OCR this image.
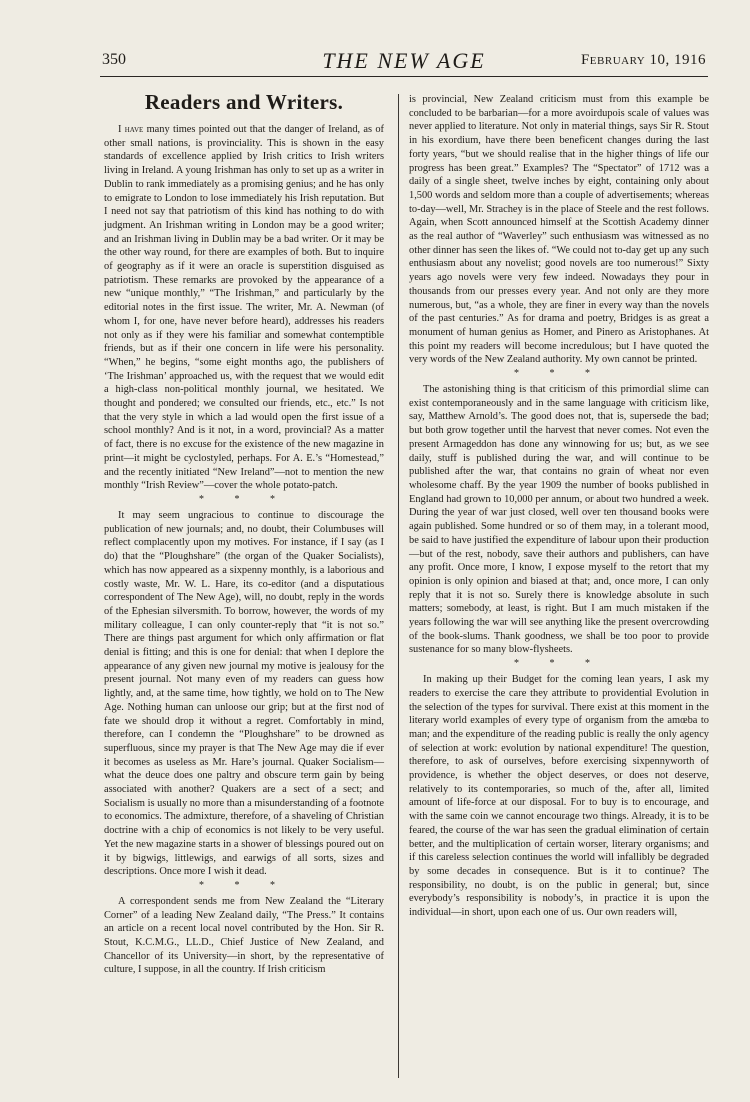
350	THE NEW AGE	February 10, 1916
Readers and Writers.

I have many times pointed out that the danger of Ireland, as of other small nations, is provinciality. This is shown in the easy standards of excellence applied by Irish critics to Irish writers living in Ireland. A young Irishman has only to set up as a writer in Dublin to rank immediately as a promising genius; and he has only to emigrate to London to lose immediately his Irish reputation. But I need not say that patriotism of this kind has nothing to do with judgment. An Irishman writing in London may be a good writer; and an Irishman living in Dublin may be a bad writer. Or it may be the other way round, for there are examples of both. But to inquire of geography as if it were an oracle is superstition disguised as patriotism. These remarks are provoked by the appearance of a new “unique monthly,” “The Irishman,” and particularly by the editorial notes in the first issue. The writer, Mr. A. Newman (of whom I, for one, have never before heard), addresses his readers not only as if they were his familiar and somewhat contemptible friends, but as if their one concern in life were his personality. “When,” he begins, “some eight months ago, the publishers of ‘The Irishman’ approached us, with the request that we would edit a high-class non-political monthly journal, we hesitated. We thought and pondered; we consulted our friends, etc., etc.” Is not that the very style in which a lad would open the first issue of a school monthly? And is it not, in a word, provincial? As a matter of fact, there is no excuse for the existence of the new magazine in print—it might be cyclostyled, perhaps. For A. E.’s “Homestead,” and the recently initiated “New Ireland”—not to mention the new monthly “Irish Review”—cover the whole potato-patch.

* * *

It may seem ungracious to continue to discourage the publication of new journals; and, no doubt, their Columbuses will reflect complacently upon my motives. For instance, if I say (as I do) that the “Ploughshare” (the organ of the Quaker Socialists), which has now appeared as a sixpenny monthly, is a laborious and costly waste, Mr. W. L. Hare, its co-editor (and a disputatious correspondent of The New Age), will, no doubt, reply in the words of the Ephesian silversmith. To borrow, however, the words of my military colleague, I can only counter-reply that “it is not so.” There are things past argument for which only affirmation or flat denial is fitting; and this is one for denial: that when I deplore the appearance of any given new journal my motive is jealousy for the present journal. Not many even of my readers can guess how lightly, and, at the same time, how tightly, we hold on to The New Age. Nothing human can unloose our grip; but at the first nod of fate we should drop it without a regret. Comfortably in mind, therefore, can I condemn the “Ploughshare” to be drowned as superfluous, since my prayer is that The New Age may die if ever it becomes as useless as Mr. Hare’s journal. Quaker Socialism—what the deuce does one paltry and obscure term gain by being associated with another? Quakers are a sect of a sect; and Socialism is usually no more than a misunderstanding of a footnote to economics. The admixture, therefore, of a shaveling of Christian doctrine with a chip of economics is not likely to be very useful. Yet the new magazine starts in a shower of blessings poured out on it by bigwigs, littlewigs, and earwigs of all sorts, sizes and descriptions. Once more I wish it dead.

* * *

A correspondent sends me from New Zealand the “Literary Corner” of a leading New Zealand daily, “The Press.” It contains an article on a recent local novel contributed by the Hon. Sir R. Stout, K.C.M.G., LL.D., Chief Justice of New Zealand, and Chancellor of its University—in short, by the representative of culture, I suppose, in all the country. If Irish criticism

is provincial, New Zealand criticism must from this example be concluded to be barbarian—for a more avoirdupois scale of values was never applied to literature. Not only in material things, says Sir R. Stout in his exordium, have there been beneficent changes during the last forty years, “but we should realise that in the higher things of life our progress has been great.” Examples? The “Spectator” of 1712 was a daily of a single sheet, twelve inches by eight, containing only about 1,500 words and seldom more than a couple of advertisements; whereas to-day—well, Mr. Strachey is in the place of Steele and the rest follows. Again, when Scott announced himself at the Scottish Academy dinner as the real author of “Waverley” such enthusiasm was witnessed as no other dinner has seen the likes of. “We could not to-day get up any such enthusiasm about any novelist; good novels are too numerous!” Sixty years ago novels were very few indeed. Nowadays they pour in thousands from our presses every year. And not only are they more numerous, but, “as a whole, they are finer in every way than the novels of the past centuries.” As for drama and poetry, Bridges is as great a monument of human genius as Homer, and Pinero as Aristophanes. At this point my readers will become incredulous; but I have quoted the very words of the New Zealand authority. My own cannot be printed.

* * *

The astonishing thing is that criticism of this primordial slime can exist contemporaneously and in the same language with criticism like, say, Matthew Arnold’s. The good does not, that is, supersede the bad; but both grow together until the harvest that never comes. Not even the present Armageddon has done any winnowing for us; but, as we see daily, stuff is published during the war, and will continue to be published after the war, that contains no grain of wheat nor even wholesome chaff. By the year 1909 the number of books published in England had grown to 10,000 per annum, or about two hundred a week. During the year of war just closed, well over ten thousand books were again published. Some hundred or so of them may, in a tolerant mood, be said to have justified the expenditure of labour upon their production—but of the rest, nobody, save their authors and publishers, can have any profit. Once more, I know, I expose myself to the retort that my opinion is only opinion and biased at that; and, once more, I can only reply that it is not so. Surely there is knowledge absolute in such matters; somebody, at least, is right. But I am much mistaken if the years following the war will see anything like the present overcrowding of the book-slums. Thank goodness, we shall be too poor to provide sustenance for so many blow-flysheets.

* * *

In making up their Budget for the coming lean years, I ask my readers to exercise the care they attribute to providential Evolution in the selection of the types for survival. There exist at this moment in the literary world examples of every type of organism from the amœba to man; and the expenditure of the reading public is really the only agency of selection at work: evolution by national expenditure! The question, therefore, to ask of ourselves, before exercising sixpennyworth of providence, is whether the object deserves, or does not deserve, relatively to its contemporaries, so much of the, after all, limited amount of life-force at our disposal. For to buy is to encourage, and with the same coin we cannot encourage two things. Already, it is to be feared, the course of the war has seen the gradual elimination of certain better, and the multiplication of certain worser, literary organisms; and if this careless selection continues the world will infallibly be degraded by some decades in consequence. But is it to continue? The responsibility, no doubt, is on the public in general; but, since everybody’s responsibility is nobody’s, in practice it is upon the individual—in short, upon each one of us. Our own readers will,
